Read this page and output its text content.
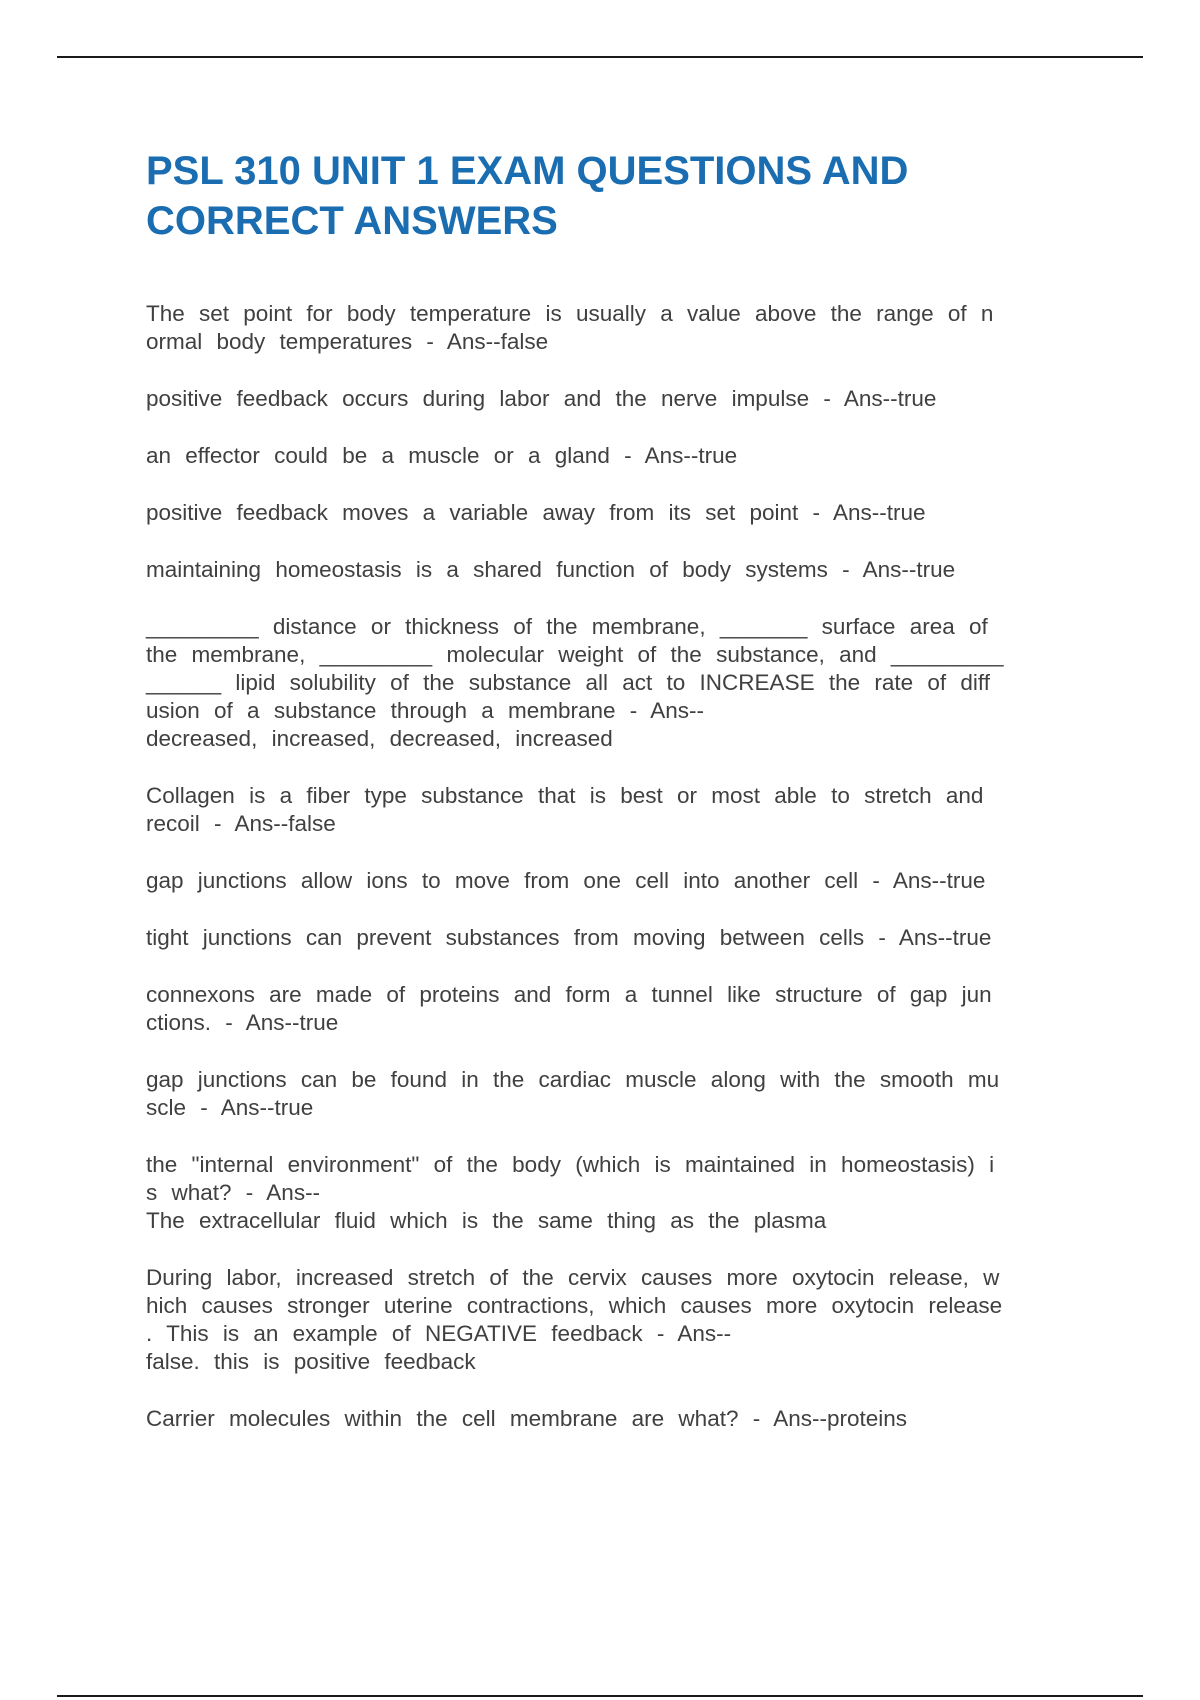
PSL 310 UNIT 1 EXAM QUESTIONS AND CORRECT ANSWERS

The set point for body temperature is usually a value above the range of n
ormal body temperatures - Ans--false

positive feedback occurs during labor and the nerve impulse - Ans--true

an effector could be a muscle or a gland - Ans--true

positive feedback moves a variable away from its set point - Ans--true

maintaining homeostasis is a shared function of body systems - Ans--true

_________ distance or thickness of the membrane, _______ surface area of
the membrane, _________ molecular weight of the substance, and _________
______ lipid solubility of the substance all act to INCREASE the rate of diff
usion of a substance through a membrane - Ans--
decreased, increased, decreased, increased

Collagen is a fiber type substance that is best or most able to stretch and
recoil - Ans--false

gap junctions allow ions to move from one cell into another cell - Ans--true

tight junctions can prevent substances from moving between cells - Ans--true

connexons are made of proteins and form a tunnel like structure of gap jun
ctions. - Ans--true

gap junctions can be found in the cardiac muscle along with the smooth mu
scle - Ans--true

the "internal environment" of the body (which is maintained in homeostasis) i
s what? - Ans--
The extracellular fluid which is the same thing as the plasma

During labor, increased stretch of the cervix causes more oxytocin release, w
hich causes stronger uterine contractions, which causes more oxytocin release
. This is an example of NEGATIVE feedback - Ans--
false. this is positive feedback

Carrier molecules within the cell membrane are what? - Ans--proteins
